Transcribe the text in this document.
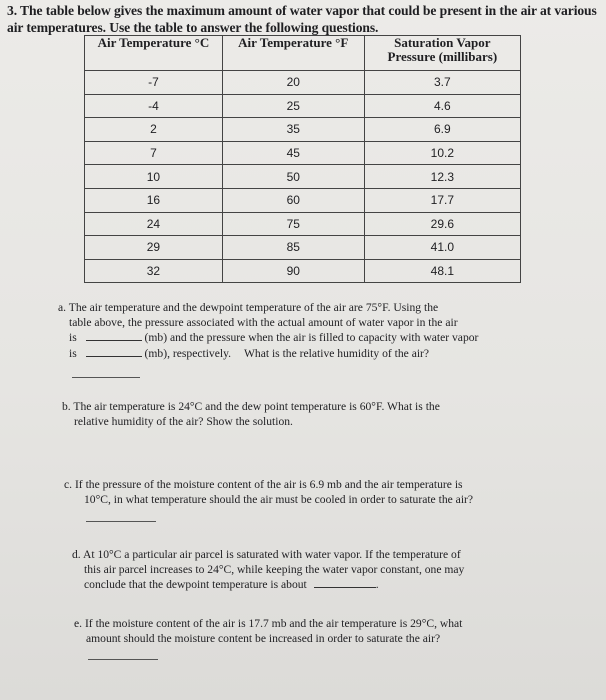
3. The table below gives the maximum amount of water vapor that could be present in the air at various air temperatures. Use the table to answer the following questions.
Air Temperature °C	Air Temperature °F	Saturation Vapor
Pressure (millibars)
-7	20	3.7
-4	25	4.6
2	35	6.9
7	45	10.2
10	50	12.3
16	60	17.7
24	75	29.6
29	85	41.0
32	90	48.1
a. The air temperature and the dewpoint temperature of the air are 75°F. Using the
table above, the pressure associated with the actual amount of water vapor in the air
is	(mb) and the pressure when the air is filled to capacity with water vapor
is	(mb), respectively. What is the relative humidity of the air?
b. The air temperature is 24°C and the dew point temperature is 60°F. What is the
relative humidity of the air? Show the solution.
c. If the pressure of the moisture content of the air is 6.9 mb and the air temperature is
10°C, in what temperature should the air must be cooled in order to saturate the air?
d. At 10°C a particular air parcel is saturated with water vapor. If the temperature of
this air parcel increases to 24°C, while keeping the water vapor constant, one may
conclude that the dewpoint temperature is about	.
e. If the moisture content of the air is 17.7 mb and the air temperature is 29°C, what
amount should the moisture content be increased in order to saturate the air?
